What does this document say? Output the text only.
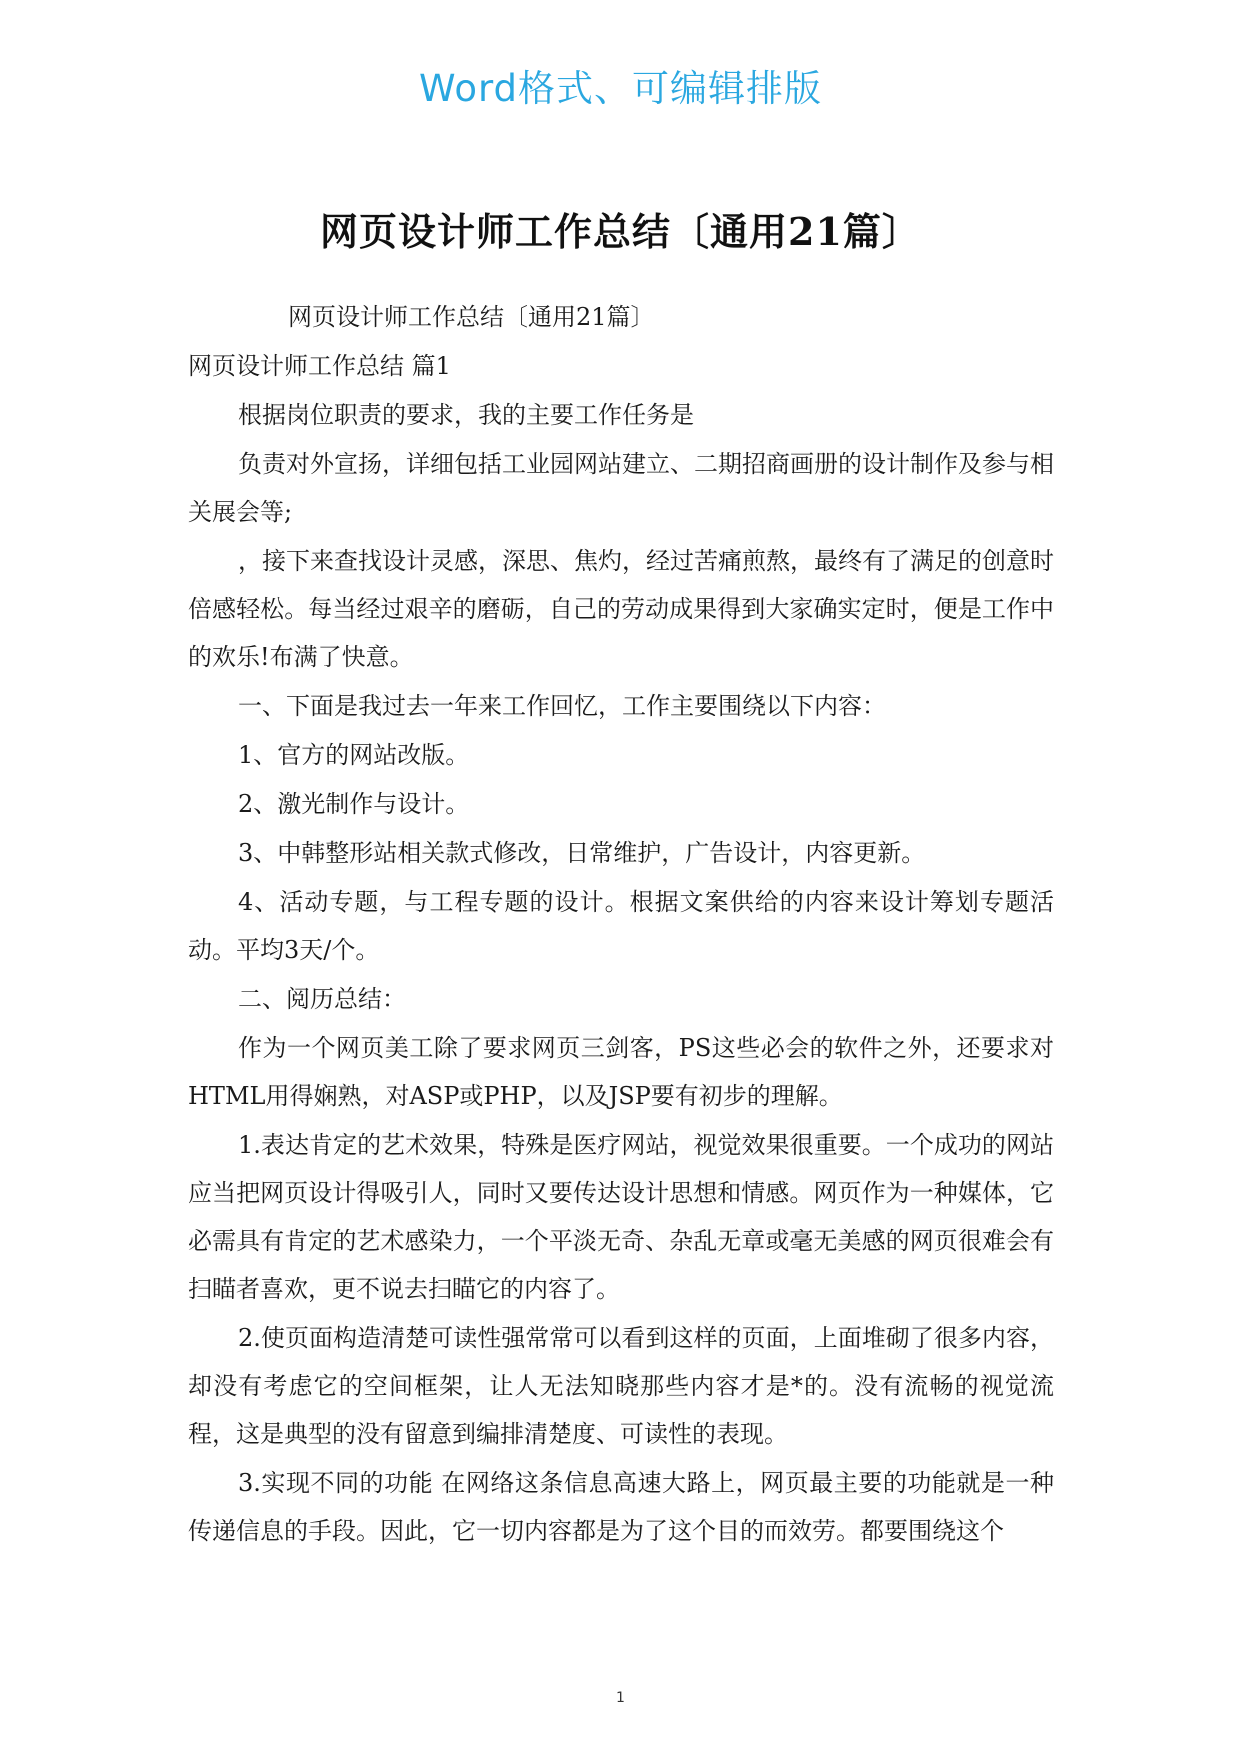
Word格式、可编辑排版
网页设计师工作总结〔通用21篇〕

网页设计师工作总结〔通用21篇〕

网页设计师工作总结 篇1

根据岗位职责的要求，我的主要工作任务是

负责对外宣扬，详细包括工业园网站建立、二期招商画册的设计制作及参与相关展会等;

，接下来查找设计灵感，深思、焦灼，经过苦痛煎熬，最终有了满足的创意时倍感轻松。每当经过艰辛的磨砺，自己的劳动成果得到大家确实定时，便是工作中的欢乐!布满了快意。

一、下面是我过去一年来工作回忆，工作主要围绕以下内容：

1、官方的网站改版。

2、激光制作与设计。

3、中韩整形站相关款式修改，日常维护，广告设计，内容更新。

4、活动专题，与工程专题的设计。根据文案供给的内容来设计筹划专题活动。平均3天/个。

二、阅历总结：

作为一个网页美工除了要求网页三剑客，PS这些必会的软件之外，还要求对HTML用得娴熟，对ASP或PHP，以及JSP要有初步的理解。

1.表达肯定的艺术效果，特殊是医疗网站，视觉效果很重要。一个成功的网站应当把网页设计得吸引人，同时又要传达设计思想和情感。网页作为一种媒体，它必需具有肯定的艺术感染力，一个平淡无奇、杂乱无章或毫无美感的网页很难会有扫瞄者喜欢，更不说去扫瞄它的内容了。

2.使页面构造清楚可读性强常常可以看到这样的页面，上面堆砌了很多内容，却没有考虑它的空间框架，让人无法知晓那些内容才是*的。没有流畅的视觉流程，这是典型的没有留意到编排清楚度、可读性的表现。

3.实现不同的功能 在网络这条信息高速大路上，网页最主要的功能就是一种传递信息的手段。因此，它一切内容都是为了这个目的而效劳。都要围绕这个

1
